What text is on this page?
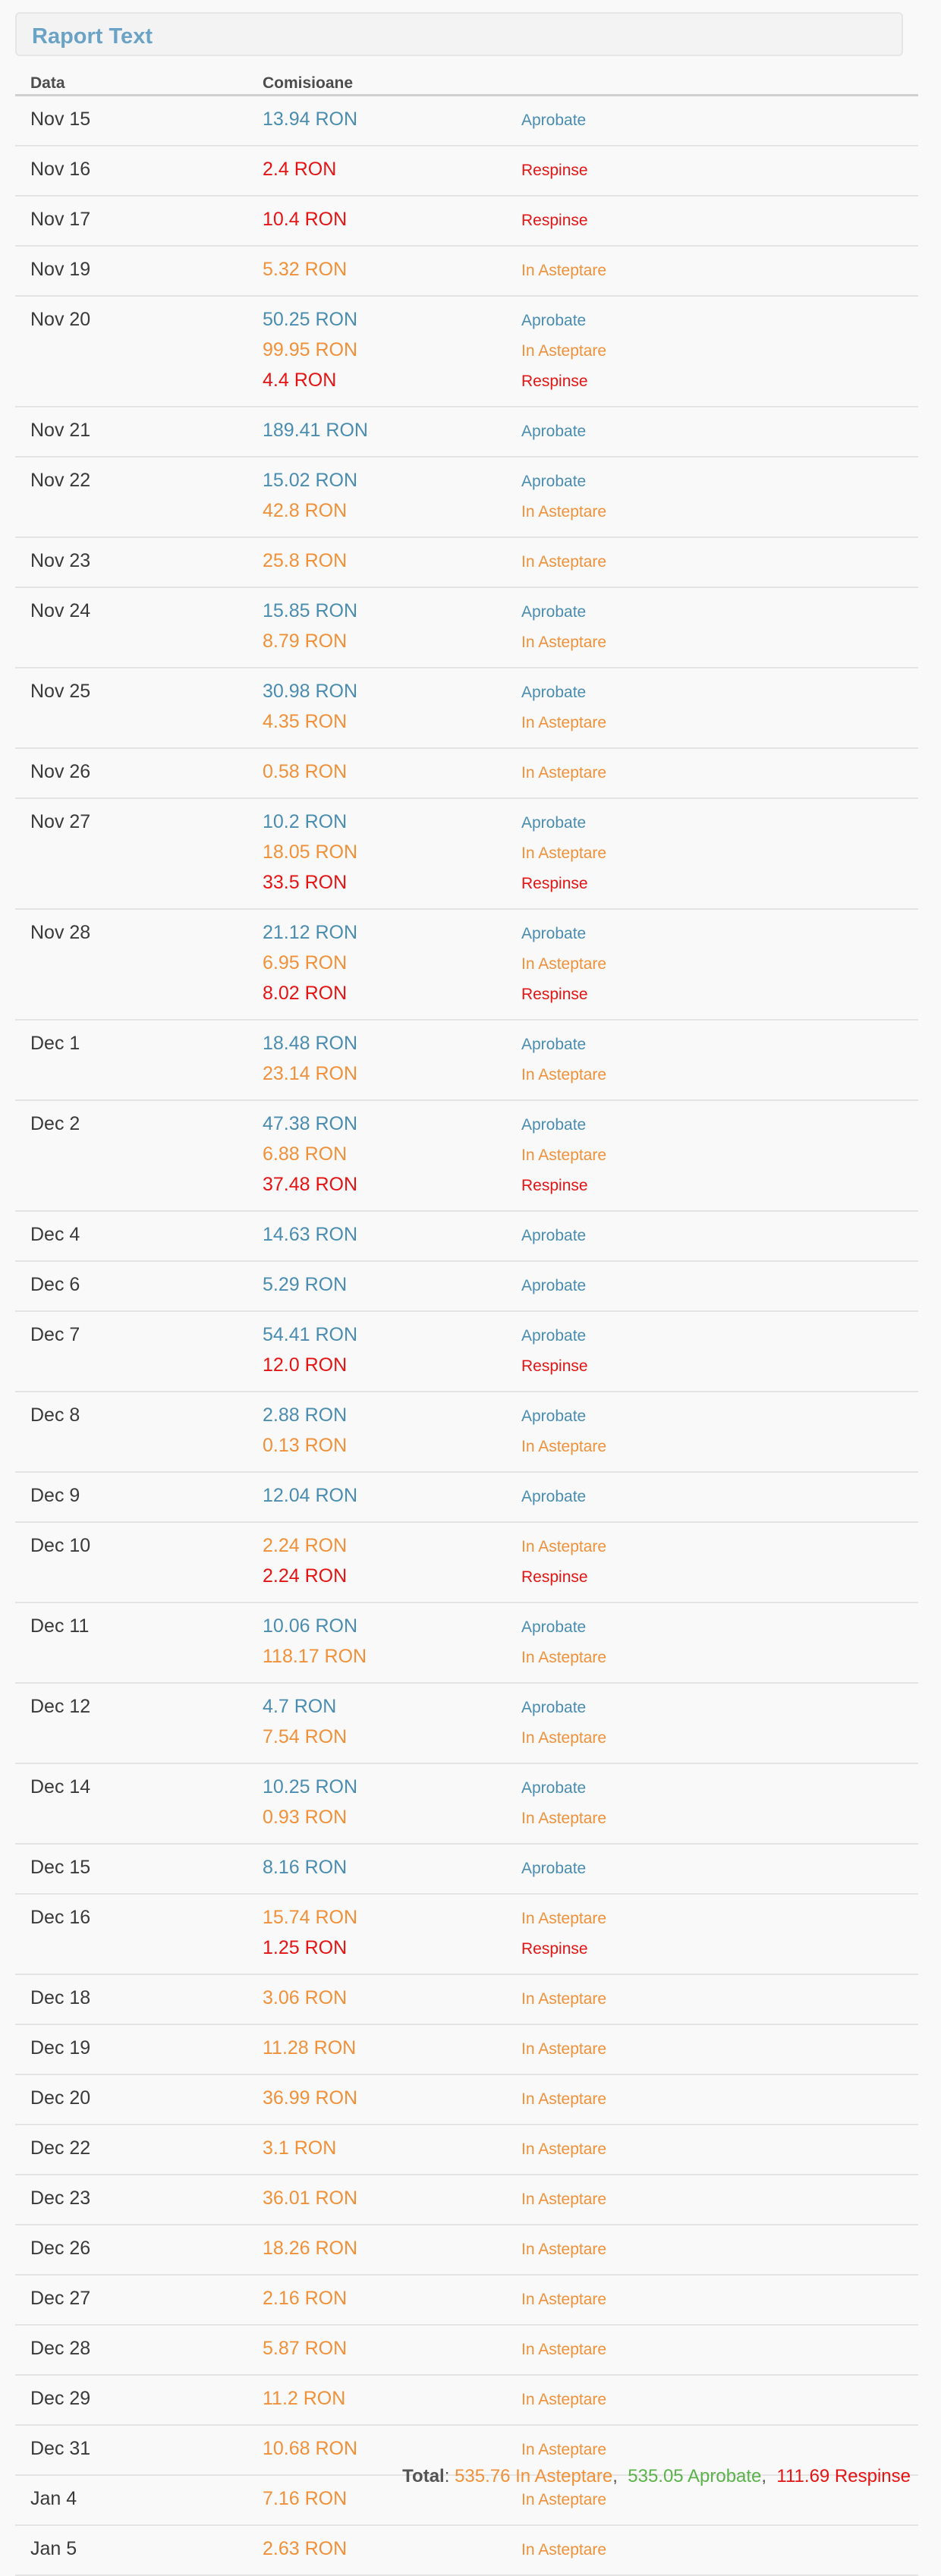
Raport Text
Data	Comisioane
Nov 15	13.94 RON	Aprobate
Nov 16	2.4 RON	Respinse
Nov 17	10.4 RON	Respinse
Nov 19	5.32 RON	In Asteptare
Nov 20	50.25 RON	Aprobate
99.95 RON	In Asteptare
4.4 RON	Respinse
Nov 21	189.41 RON	Aprobate
Nov 22	15.02 RON	Aprobate
42.8 RON	In Asteptare
Nov 23	25.8 RON	In Asteptare
Nov 24	15.85 RON	Aprobate
8.79 RON	In Asteptare
Nov 25	30.98 RON	Aprobate
4.35 RON	In Asteptare
Nov 26	0.58 RON	In Asteptare
Nov 27	10.2 RON	Aprobate
18.05 RON	In Asteptare
33.5 RON	Respinse
Nov 28	21.12 RON	Aprobate
6.95 RON	In Asteptare
8.02 RON	Respinse
Dec 1	18.48 RON	Aprobate
23.14 RON	In Asteptare
Dec 2	47.38 RON	Aprobate
6.88 RON	In Asteptare
37.48 RON	Respinse
Dec 4	14.63 RON	Aprobate
Dec 6	5.29 RON	Aprobate
Dec 7	54.41 RON	Aprobate
12.0 RON	Respinse
Dec 8	2.88 RON	Aprobate
0.13 RON	In Asteptare
Dec 9	12.04 RON	Aprobate
Dec 10	2.24 RON	In Asteptare
2.24 RON	Respinse
Dec 11	10.06 RON	Aprobate
118.17 RON	In Asteptare
Dec 12	4.7 RON	Aprobate
7.54 RON	In Asteptare
Dec 14	10.25 RON	Aprobate
0.93 RON	In Asteptare
Dec 15	8.16 RON	Aprobate
Dec 16	15.74 RON	In Asteptare
1.25 RON	Respinse
Dec 18	3.06 RON	In Asteptare
Dec 19	11.28 RON	In Asteptare
Dec 20	36.99 RON	In Asteptare
Dec 22	3.1 RON	In Asteptare
Dec 23	36.01 RON	In Asteptare
Dec 26	18.26 RON	In Asteptare
Dec 27	2.16 RON	In Asteptare
Dec 28	5.87 RON	In Asteptare
Dec 29	11.2 RON	In Asteptare
Dec 31	10.68 RON	In Asteptare
Jan 4	7.16 RON	In Asteptare
Jan 5	2.63 RON	In Asteptare
Total: 535.76 In Asteptare, 535.05 Aprobate, 111.69 Respinse
